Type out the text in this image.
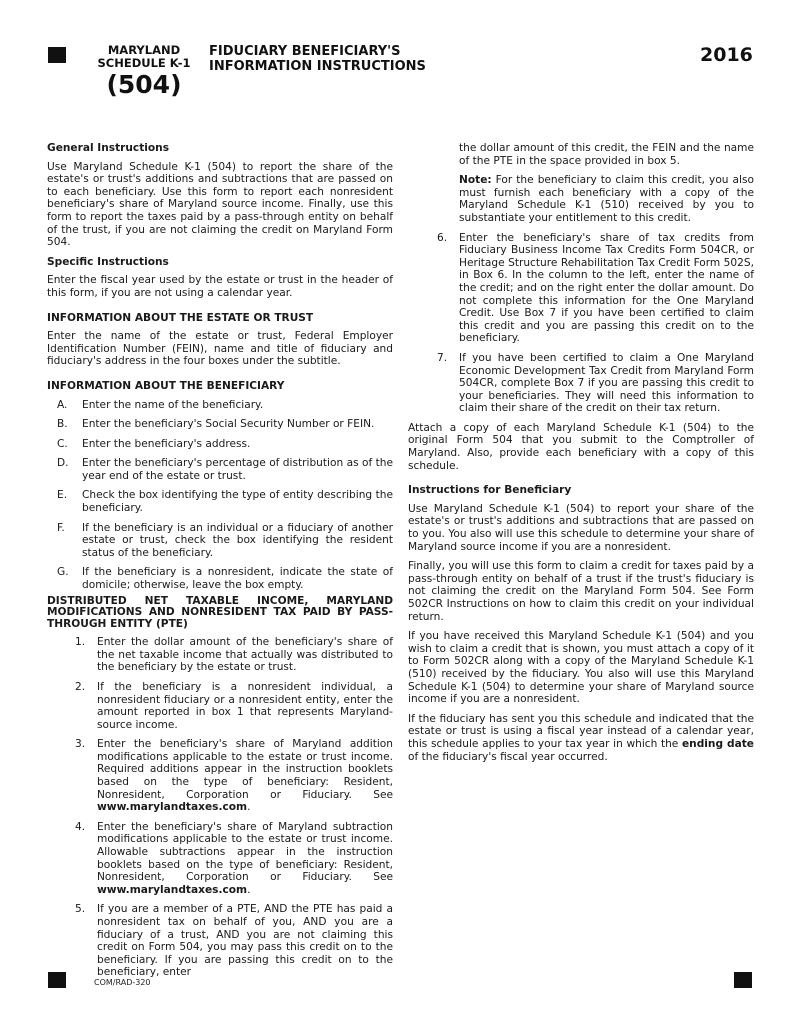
MARYLAND
SCHEDULE K-1
(504)
FIDUCIARY BENEFICIARY'S
INFORMATION INSTRUCTIONS
2016
General Instructions

Use Maryland Schedule K-1 (504) to report the share of the estate's or trust's additions and subtractions that are passed on to each beneficiary. Use this form to report each nonresident beneficiary's share of Maryland source income. Finally, use this form to report the taxes paid by a pass-through entity on behalf of the trust, if you are not claiming the credit on Maryland Form 504.

Specific Instructions

Enter the fiscal year used by the estate or trust in the header of this form, if you are not using a calendar year.

INFORMATION ABOUT THE ESTATE OR TRUST

Enter the name of the estate or trust, Federal Employer Identification Number (FEIN), name and title of fiduciary and fiduciary's address in the four boxes under the subtitle.

INFORMATION ABOUT THE BENEFICIARY
A.	Enter the name of the beneficiary.
B.	Enter the beneficiary's Social Security Number or FEIN.
C.	Enter the beneficiary's address.
D.	Enter the beneficiary's percentage of distribution as of the year end of the estate or trust.
E.	Check the box identifying the type of entity describing the beneficiary.
F.	If the beneficiary is an individual or a fiduciary of another estate or trust, check the box identifying the resident status of the beneficiary.
G.	If the beneficiary is a nonresident, indicate the state of domicile; otherwise, leave the box empty.
DISTRIBUTED NET TAXABLE INCOME, MARYLAND MODIFICATIONS AND NONRESIDENT TAX PAID BY PASS-THROUGH ENTITY (PTE)
1.	Enter the dollar amount of the beneficiary's share of the net taxable income that actually was distributed to the beneficiary by the estate or trust.
2.	If the beneficiary is a nonresident individual, a nonresident fiduciary or a nonresident entity, enter the amount reported in box 1 that represents Maryland-source income.
3.	Enter the beneficiary's share of Maryland addition modifications applicable to the estate or trust income. Required additions appear in the instruction booklets based on the type of beneficiary: Resident, Nonresident, Corporation or Fiduciary. See www.marylandtaxes.com.
4.	Enter the beneficiary's share of Maryland subtraction modifications applicable to the estate or trust income. Allowable subtractions appear in the instruction booklets based on the type of beneficiary: Resident, Nonresident, Corporation or Fiduciary. See www.marylandtaxes.com.
5.	If you are a member of a PTE, AND the PTE has paid a nonresident tax on behalf of you, AND you are a fiduciary of a trust, AND you are not claiming this credit on Form 504, you may pass this credit on to the beneficiary. If you are passing this credit on to the beneficiary, enter

the dollar amount of this credit, the FEIN and the name of the PTE in the space provided in box 5.

Note: For the beneficiary to claim this credit, you also must furnish each beneficiary with a copy of the Maryland Schedule K-1 (510) received by you to substantiate your entitlement to this credit.

6.	Enter the beneficiary's share of tax credits from Fiduciary Business Income Tax Credits Form 504CR, or Heritage Structure Rehabilitation Tax Credit Form 502S, in Box 6. In the column to the left, enter the name of the credit; and on the right enter the dollar amount. Do not complete this information for the One Maryland Credit. Use Box 7 if you have been certified to claim this credit and you are passing this credit on to the beneficiary.
7.	If you have been certified to claim a One Maryland Economic Development Tax Credit from Maryland Form 504CR, complete Box 7 if you are passing this credit to your beneficiaries. They will need this information to claim their share of the credit on their tax return.

Attach a copy of each Maryland Schedule K-1 (504) to the original Form 504 that you submit to the Comptroller of Maryland. Also, provide each beneficiary with a copy of this schedule.

Instructions for Beneficiary

Use Maryland Schedule K-1 (504) to report your share of the estate's or trust's additions and subtractions that are passed on to you. You also will use this schedule to determine your share of Maryland source income if you are a nonresident.

Finally, you will use this form to claim a credit for taxes paid by a pass-through entity on behalf of a trust if the trust's fiduciary is not claiming the credit on the Maryland Form 504. See Form 502CR Instructions on how to claim this credit on your individual return.

If you have received this Maryland Schedule K-1 (504) and you wish to claim a credit that is shown, you must attach a copy of it to Form 502CR along with a copy of the Maryland Schedule K-1 (510) received by the fiduciary. You also will use this Maryland Schedule K-1 (504) to determine your share of Maryland source income if you are a nonresident.

If the fiduciary has sent you this schedule and indicated that the estate or trust is using a fiscal year instead of a calendar year, this schedule applies to your tax year in which the ending date of the fiduciary's fiscal year occurred.

COM/RAD-320
